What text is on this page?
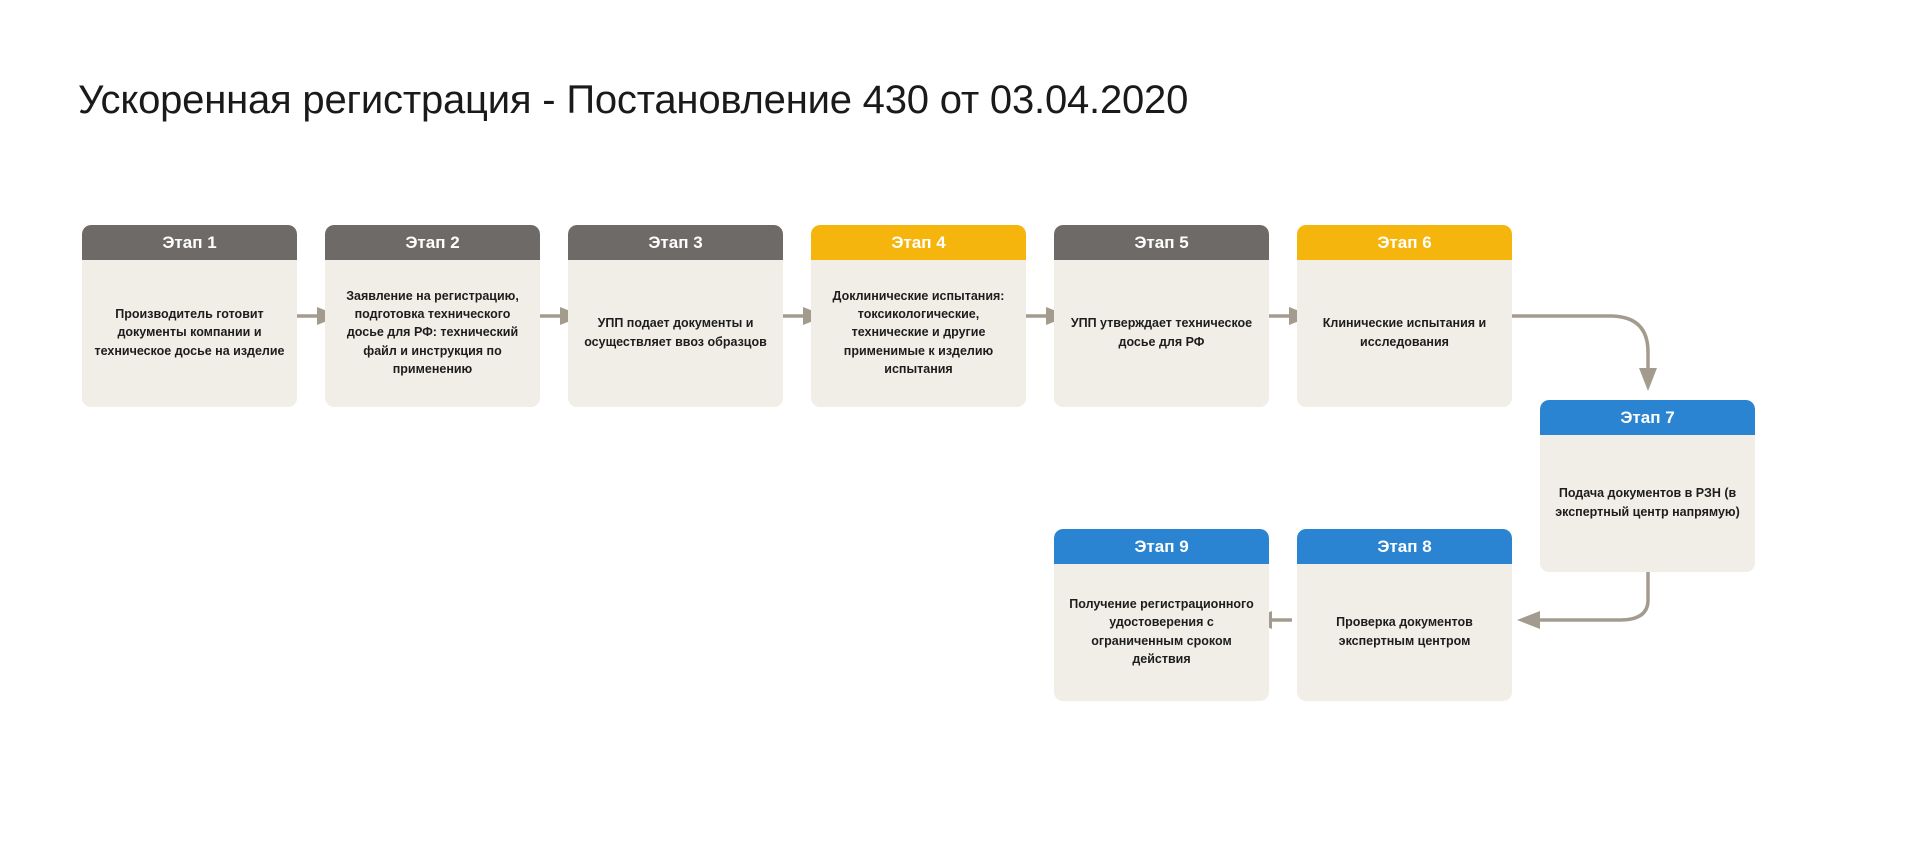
Ускоренная регистрация - Постановление 430 от 03.04.2020
Этап 1
Производитель готовит документы компании и техническое досье на изделие
Этап 2
Заявление на регистрацию, подготовка технического досье для РФ: технический файл и инструкция по применению
Этап 3
УПП подает документы и осуществляет ввоз образцов
Этап 4
Доклинические испытания: токсикологические, технические и другие применимые к изделию испытания
Этап 5
УПП утверждает техническое досье для РФ
Этап 6
Клинические испытания и исследования
Этап 7
Подача документов в РЗН (в экспертный центр напрямую)
Этап 8
Проверка документов экспертным центром
Этап 9
Получение регистрационного удостоверения с ограниченным сроком действия
